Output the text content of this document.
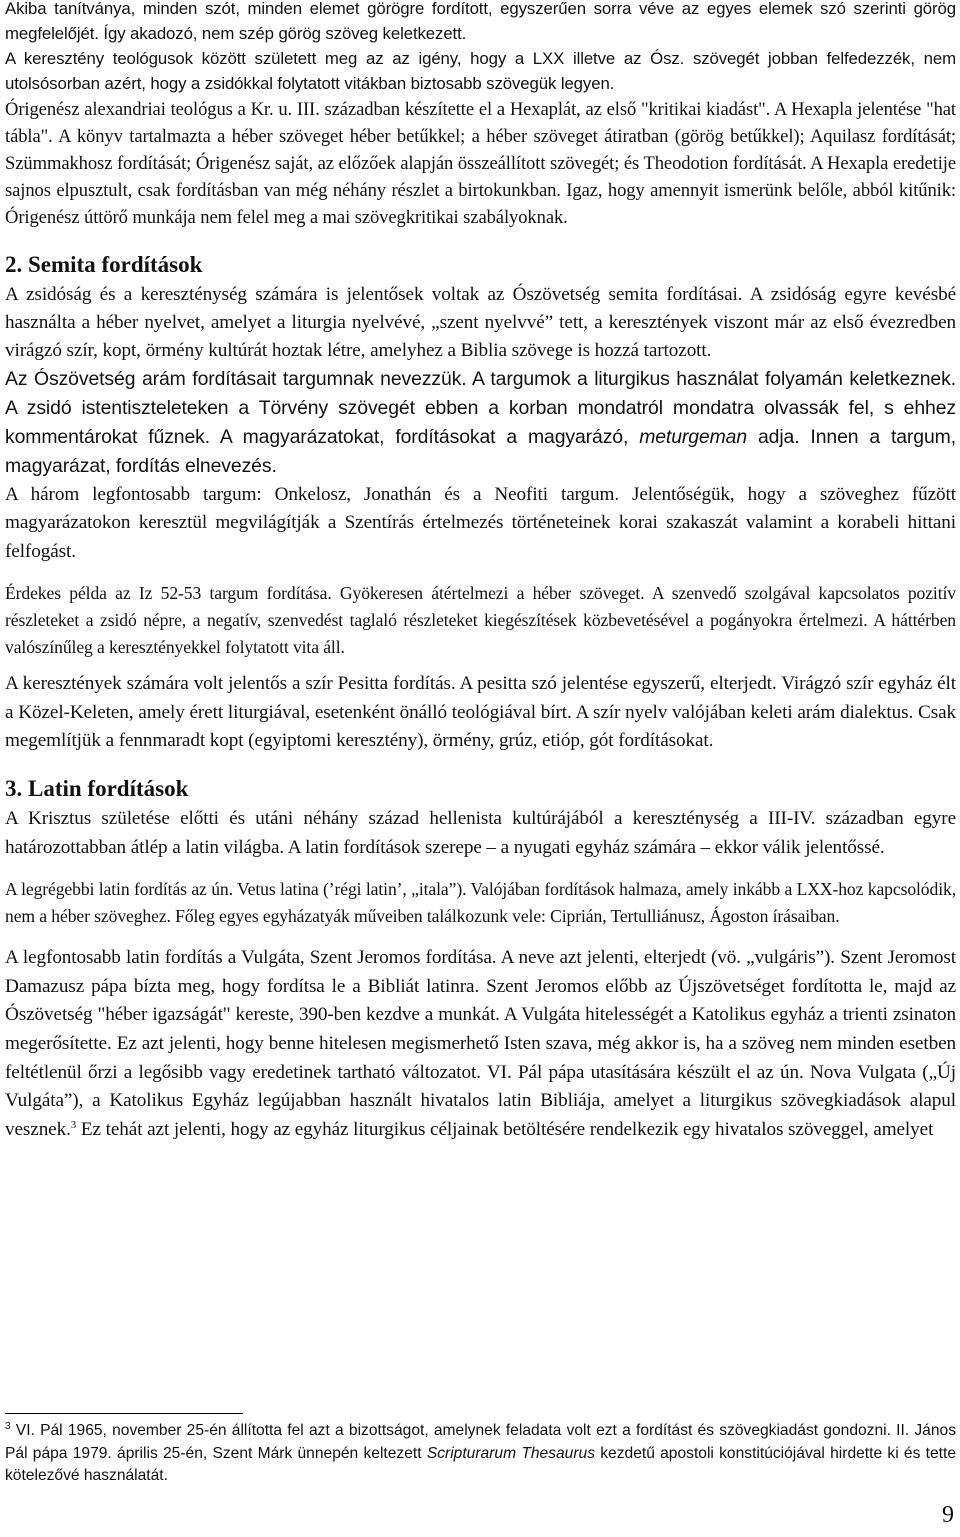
Akiba tanítványa, minden szót, minden elemet görögre fordított, egyszerűen sorra véve az egyes elemek szó szerinti görög megfelelőjét. Így akadozó, nem szép görög szöveg keletkezett.

A keresztény teológusok között született meg az az igény, hogy a LXX illetve az Ósz. szövegét jobban felfedezzék, nem utolsósorban azért, hogy a zsidókkal folytatott vitákban biztosabb szövegük legyen.

Órigenész alexandriai teológus a Kr. u. III. században készítette el a Hexaplát, az első "kritikai kiadást". A Hexapla jelentése "hat tábla". A könyv tartalmazta a héber szöveget héber betűkkel; a héber szöveget átiratban (görög betűkkel); Aquilasz fordítását; Szümmakhosz fordítását; Órigenész saját, az előzőek alapján összeállított szövegét; és Theodotion fordítását. A Hexapla eredetije sajnos elpusztult, csak fordításban van még néhány részlet a birtokunkban. Igaz, hogy amennyit ismerünk belőle, abból kitűnik: Órigenész úttörő munkája nem felel meg a mai szövegkritikai szabályoknak.

2. Semita fordítások

A zsidóság és a kereszténység számára is jelentősek voltak az Ószövetség semita fordításai. A zsidóság egyre kevésbé használta a héber nyelvet, amelyet a liturgia nyelvévé, „szent nyelvvé” tett, a keresztények viszont már az első évezredben virágzó szír, kopt, örmény kultúrát hoztak létre, amelyhez a Biblia szövege is hozzá tartozott.

Az Ószövetség arám fordításait targumnak nevezzük. A targumok a liturgikus használat folyamán keletkeznek. A zsidó istentiszteleteken a Törvény szövegét ebben a korban mondatról mondatra olvassák fel, s ehhez kommentárokat fűznek. A magyarázatokat, fordításokat a magyarázó, meturgeman adja. Innen a targum, magyarázat, fordítás elnevezés.

A három legfontosabb targum: Onkelosz, Jonathán és a Neofiti targum. Jelentőségük, hogy a szöveghez fűzött magyarázatokon keresztül megvilágítják a Szentírás értelmezés történeteinek korai szakaszát valamint a korabeli hittani felfogást.

Érdekes példa az Iz 52-53 targum fordítása. Gyökeresen átértelmezi a héber szöveget. A szenvedő szolgával kapcsolatos pozitív részleteket a zsidó népre, a negatív, szenvedést taglaló részleteket kiegészítések közbevetésével a pogányokra értelmezi. A háttérben valószínűleg a keresztényekkel folytatott vita áll.

A keresztények számára volt jelentős a szír Pesitta fordítás. A pesitta szó jelentése egyszerű, elterjedt. Virágzó szír egyház élt a Közel-Keleten, amely érett liturgiával, esetenként önálló teológiával bírt. A szír nyelv valójában keleti arám dialektus. Csak megemlítjük a fennmaradt kopt (egyiptomi keresztény), örmény, grúz, etióp, gót fordításokat.

3. Latin fordítások

A Krisztus születése előtti és utáni néhány század hellenista kultúrájából a kereszténység a III-IV. században egyre határozottabban átlép a latin világba. A latin fordítások szerepe – a nyugati egyház számára – ekkor válik jelentőssé.

A legrégebbi latin fordítás az ún. Vetus latina (’régi latin’, „itala”). Valójában fordítások halmaza, amely inkább a LXX-hoz kapcsolódik, nem a héber szöveghez. Főleg egyes egyházatyák műveiben találkozunk vele: Ciprián, Tertulliánusz, Ágoston írásaiban.

A legfontosabb latin fordítás a Vulgáta, Szent Jeromos fordítása. A neve azt jelenti, elterjedt (vö. „vulgáris”). Szent Jeromost Damazusz pápa bízta meg, hogy fordítsa le a Bibliát latinra. Szent Jeromos előbb az Újszövetséget fordította le, majd az Ószövetség "héber igazságát" kereste, 390-ben kezdve a munkát. A Vulgáta hitelességét a Katolikus egyház a trienti zsinaton megerősítette. Ez azt jelenti, hogy benne hitelesen megismerhető Isten szava, még akkor is, ha a szöveg nem minden esetben feltétlenül őrzi a legősibb vagy eredetinek tartható változatot. VI. Pál pápa utasítására készült el az ún. Nova Vulgata („Új Vulgáta”), a Katolikus Egyház legújabban használt hivatalos latin Bibliája, amelyet a liturgikus szövegkiadások alapul vesznek.$^3$ Ez tehát azt jelenti, hogy az egyház liturgikus céljainak betöltésére rendelkezik egy hivatalos szöveggel, amelyet

$^3$ VI. Pál 1965, november 25-én állította fel azt a bizottságot, amelynek feladata volt ezt a fordítást és szövegkiadást gondozni. II. János Pál pápa 1979. április 25-én, Szent Márk ünnepén keltezett Scripturarum Thesaurus kezdetű apostoli konstitúciójával hirdette ki és tette kötelezővé használatát.

9
